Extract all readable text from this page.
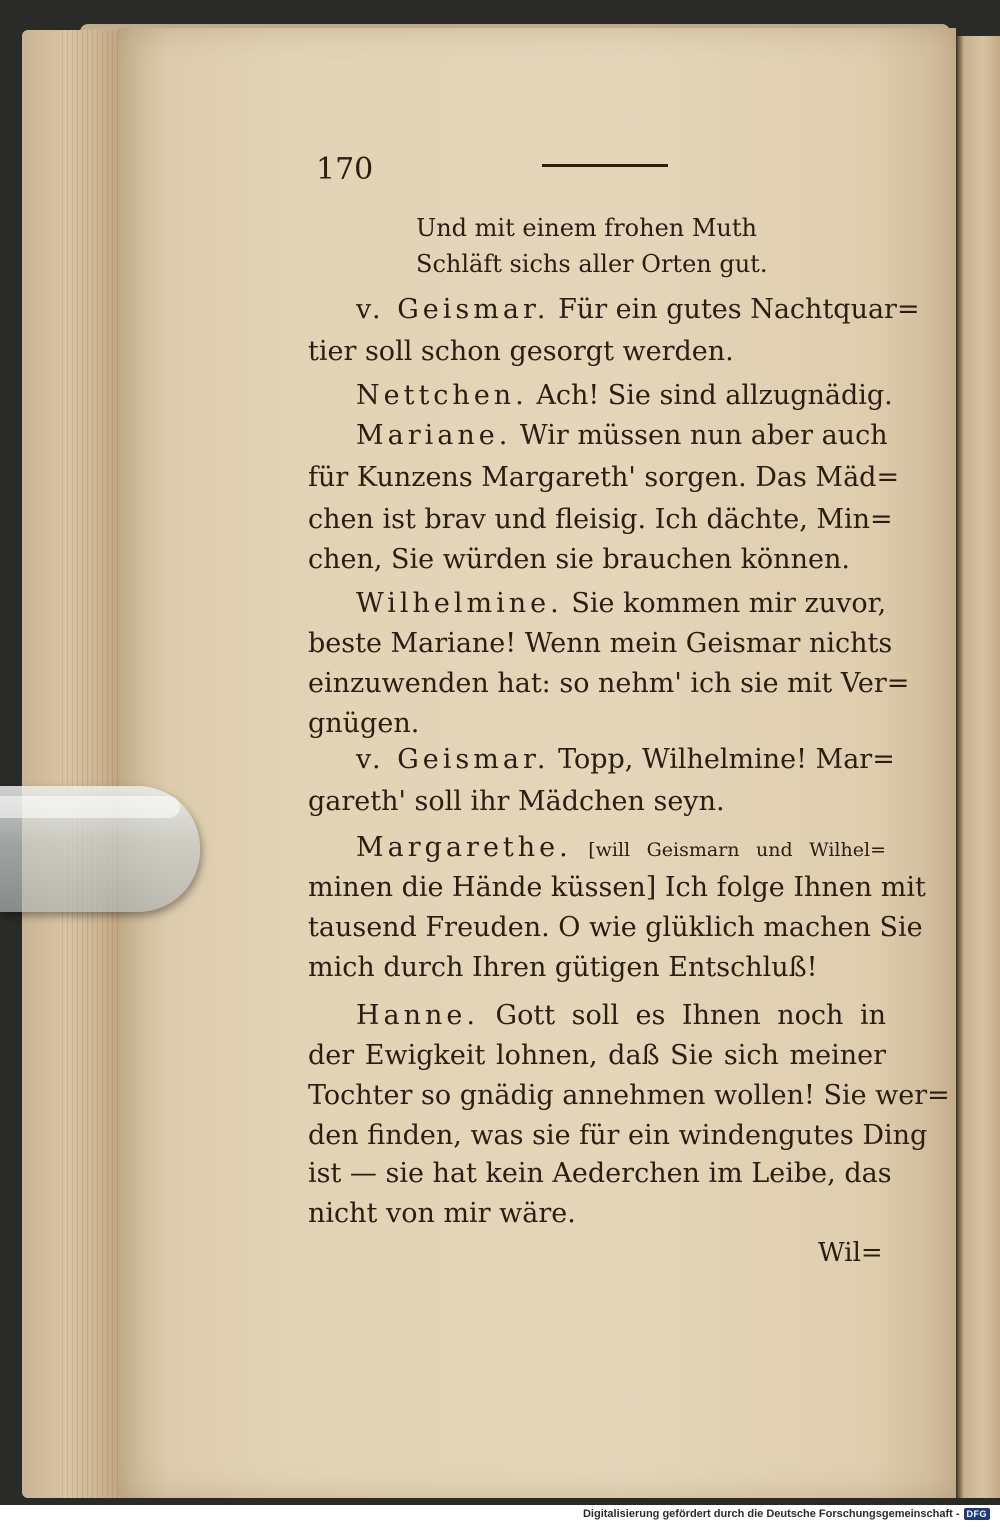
170
Und mit einem frohen Muth
Schläft sichs aller Orten gut.
v. Geismar. Für ein gutes Nachtquar=
tier soll schon gesorgt werden.
Nettchen. Ach! Sie sind allzugnädig.
Mariane. Wir müssen nun aber auch
für Kunzens Margareth' sorgen. Das Mäd=
chen ist brav und fleisig. Ich dächte, Min=
chen, Sie würden sie brauchen können.
Wilhelmine. Sie kommen mir zuvor,
beste Mariane! Wenn mein Geismar nichts
einzuwenden hat: so nehm' ich sie mit Ver=
gnügen.
v. Geismar. Topp, Wilhelmine! Mar=
gareth' soll ihr Mädchen seyn.
Margarethe. [will Geismarn und Wilhel=
minen die Hände küssen] Ich folge Ihnen mit
tausend Freuden. O wie glüklich machen Sie
mich durch Ihren gütigen Entschluß!
Hanne. Gott soll es Ihnen noch in
der Ewigkeit lohnen, daß Sie sich meiner
Tochter so gnädig annehmen wollen! Sie wer=
den finden, was sie für ein windengutes Ding
ist — sie hat kein Aederchen im Leibe, das
nicht von mir wäre.
Wil=
Digitalisierung gefördert durch die Deutsche Forschungsgemeinschaft - DFG
